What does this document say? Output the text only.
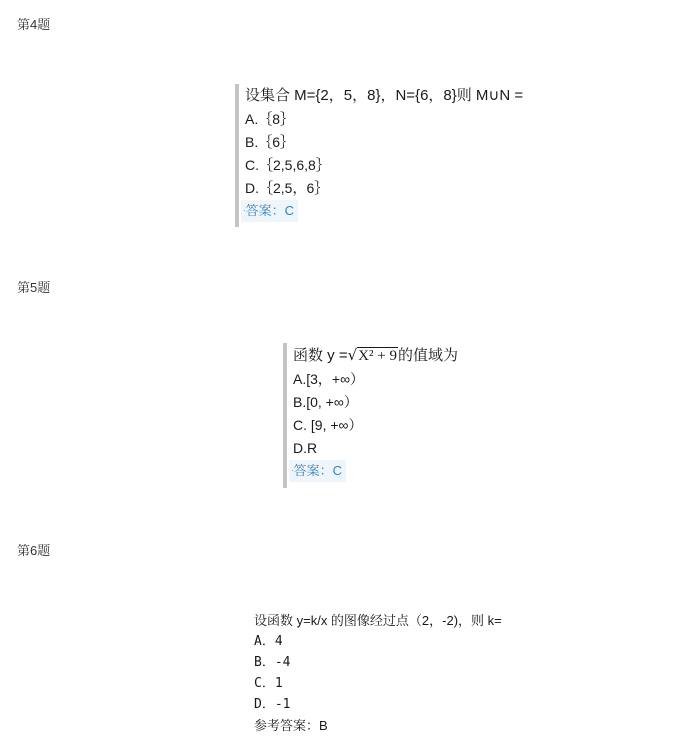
第4题
设集合 M={2，5，8}，N={6，8}则 M∪N =
A.｛8｝
B.｛6｝
C.｛2,5,6,8｝
D.｛2,5，6｝
·答案：C
第5题
函数 y =√X² + 9的值域为
A.[3，+∞）
B.[0, +∞）
C. [9, +∞）
D.R
·答案：C
第6题
设函数 y=k/x 的图像经过点（2，-2)，则 k=
A．4
B．-4
C．1
D．-1
参考答案：B
